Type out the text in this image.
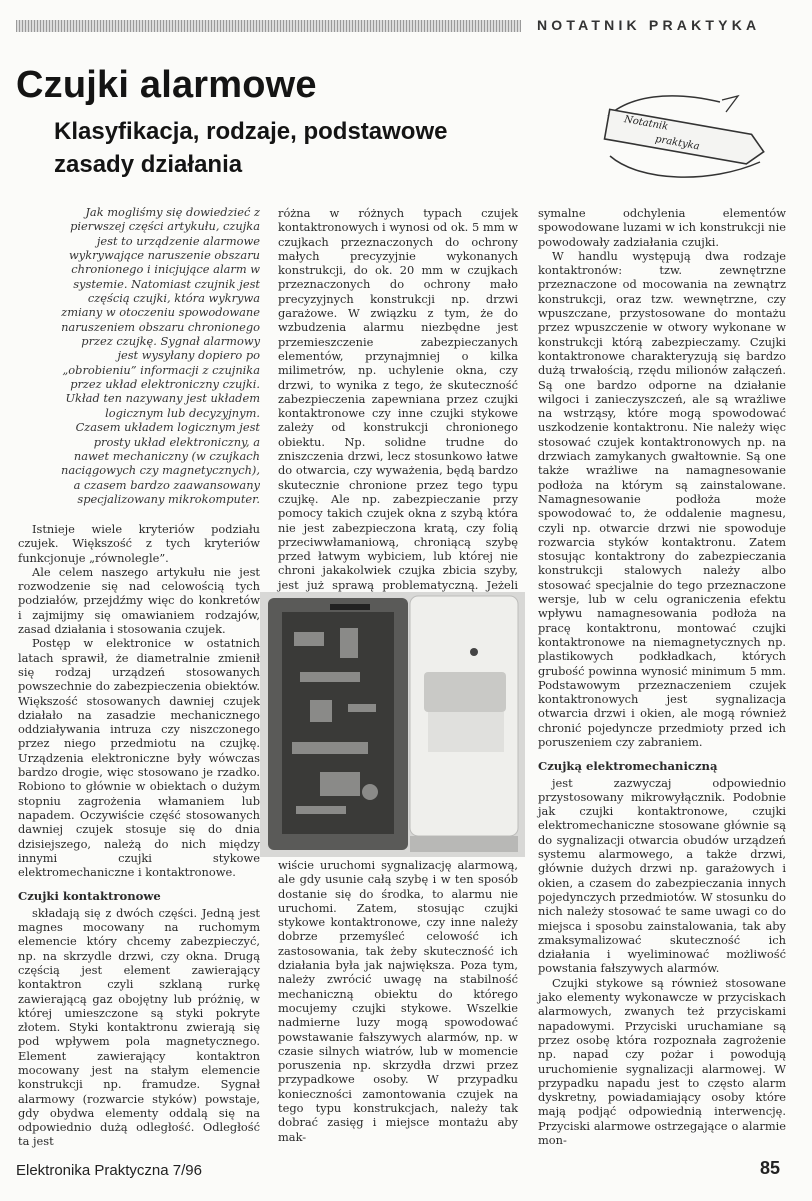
NOTATNIK PRAKTYKA
Czujki alarmowe
Klasyfikacja, rodzaje, podstawowe zasady działania
Notatnik
praktyka

Jak mogliśmy się dowiedzieć z pierwszej części artykułu, czujka jest to urządzenie alarmowe wykrywające naruszenie obszaru chronionego i inicjujące alarm w systemie. Natomiast czujnik jest częścią czujki, która wykrywa zmiany w otoczeniu spowodowane naruszeniem obszaru chronionego przez czujkę. Sygnał alarmowy jest wysyłany dopiero po „obrobieniu” informacji z czujnika przez układ elektroniczny czujki. Układ ten nazywany jest układem logicznym lub decyzyjnym. Czasem układem logicznym jest prosty układ elektroniczny, a nawet mechaniczny (w czujkach naciągowych czy magnetycznych), a czasem bardzo zaawansowany specjalizowany mikrokomputer.

Istnieje wiele kryteriów podziału czujek. Większość z tych kryteriów funkcjonuje „równolegle”.

Ale celem naszego artykułu nie jest rozwodzenie się nad celowością tych podziałów, przejdźmy więc do konkretów i zajmijmy się omawianiem rodzajów, zasad działania i stosowania czujek.

Postęp w elektronice w ostatnich latach sprawił, że diametralnie zmienił się rodzaj urządzeń stosowanych powszechnie do zabezpieczenia obiektów. Większość stosowanych dawniej czujek działało na zasadzie mechanicznego oddziaływania intruza czy niszczonego przez niego przedmiotu na czujkę. Urządzenia elektroniczne były wówczas bardzo drogie, więc stosowano je rzadko. Robiono to głównie w obiektach o dużym stopniu zagrożenia włamaniem lub napadem. Oczywiście część stosowanych dawniej czujek stosuje się do dnia dzisiejszego, należą do nich między innymi czujki stykowe elektromechaniczne i kontaktronowe.

Czujki kontaktronowe

składają się z dwóch części. Jedną jest magnes mocowany na ruchomym elemencie który chcemy zabezpieczyć, np. na skrzydle drzwi, czy okna. Drugą częścią jest element zawierający kontaktron czyli szklaną rurkę zawierającą gaz obojętny lub próżnię, w której umieszczone są styki pokryte złotem. Styki kontaktronu zwierają się pod wpływem pola magnetycznego. Element zawierający kontaktron mocowany jest na stałym elemencie konstrukcji np. framudze. Sygnał alarmowy (rozwarcie styków) powstaje, gdy obydwa elementy oddalą się na odpowiednio dużą odległość. Odległość ta jest

różna w różnych typach czujek kontaktronowych i wynosi od ok. 5 mm w czujkach przeznaczonych do ochrony małych precyzyjnie wykonanych konstrukcji, do ok. 20 mm w czujkach przeznaczonych do ochrony mało precyzyjnych konstrukcji np. drzwi garażowe. W związku z tym, że do wzbudzenia alarmu niezbędne jest przemieszczenie zabezpieczanych elementów, przynajmniej o kilka milimetrów, np. uchylenie okna, czy drzwi, to wynika z tego, że skuteczność zabezpieczenia zapewniana przez czujki kontaktronowe czy inne czujki stykowe zależy od konstrukcji chronionego obiektu. Np. solidne trudne do zniszczenia drzwi, lecz stosunkowo łatwe do otwarcia, czy wyważenia, będą bardzo skutecznie chronione przez tego typu czujkę. Ale np. zabezpieczanie przy pomocy takich czujek okna z szybą która nie jest zabezpieczona kratą, czy folią przeciwwłamaniową, chroniącą szybę przed łatwym wybiciem, lub której nie chroni jakakolwiek czujka zbicia szyby, jest już sprawą problematyczną. Jeżeli

wiście uruchomi sygnalizację alarmową, ale gdy usunie całą szybę i w ten sposób dostanie się do środka, to alarmu nie uruchomi. Zatem, stosując czujki stykowe kontaktronowe, czy inne należy dobrze przemyśleć celowość ich zastosowania, tak żeby skuteczność ich działania była jak największa. Poza tym, należy zwrócić uwagę na stabilność mechaniczną obiektu do którego mocujemy czujki stykowe. Wszelkie nadmierne luzy mogą spowodować powstawanie fałszywych alarmów, np. w czasie silnych wiatrów, lub w momencie poruszenia np. skrzydła drzwi przez przypadkowe osoby. W przypadku konieczności zamontowania czujek na tego typu konstrukcjach, należy tak dobrać zasięg i miejsce montażu aby mak-

symalne odchylenia elementów spowodowane luzami w ich konstrukcji nie powodowały zadziałania czujki.

W handlu występują dwa rodzaje kontaktronów: tzw. zewnętrzne przeznaczone od mocowania na zewnątrz konstrukcji, oraz tzw. wewnętrzne, czy wpuszczane, przystosowane do montażu przez wpuszczenie w otwory wykonane w konstrukcji którą zabezpieczamy. Czujki kontaktronowe charakteryzują się bardzo dużą trwałością, rzędu milionów załączeń. Są one bardzo odporne na działanie wilgoci i zanieczyszczeń, ale są wrażliwe na wstrząsy, które mogą spowodować uszkodzenie kontaktronu. Nie należy więc stosować czujek kontaktronowych np. na drzwiach zamykanych gwałtownie. Są one także wrażliwe na namagnesowanie podłoża na którym są zainstalowane. Namagnesowanie podłoża może spowodować to, że oddalenie magnesu, czyli np. otwarcie drzwi nie spowoduje rozwarcia styków kontaktronu. Zatem stosując kontaktrony do zabezpieczania konstrukcji stalowych należy albo stosować specjalnie do tego przeznaczone wersje, lub w celu ograniczenia efektu wpływu namagnesowania podłoża na pracę kontaktronu, montować czujki kontaktronowe na niemagnetycznych np. plastikowych podkładkach, których grubość powinna wynosić minimum 5 mm. Podstawowym przeznaczeniem czujek kontaktronowych jest sygnalizacja otwarcia drzwi i okien, ale mogą również chronić pojedyncze przedmioty przed ich poruszeniem czy zabraniem.

Czujką elektromechaniczną

jest zazwyczaj odpowiednio przystosowany mikrowyłącznik. Podobnie jak czujki kontaktronowe, czujki elektromechaniczne stosowane głównie są do sygnalizacji otwarcia obudów urządzeń systemu alarmowego, a także drzwi, głównie dużych drzwi np. garażowych i okien, a czasem do zabezpieczania innych pojedynczych przedmiotów. W stosunku do nich należy stosować te same uwagi co do miejsca i sposobu zainstalowania, tak aby zmaksymalizować skuteczność ich działania i wyeliminować możliwość powstania fałszywych alarmów.

Czujki stykowe są również stosowane jako elementy wykonawcze w przyciskach alarmowych, zwanych też przyciskami napadowymi. Przyciski uruchamiane są przez osobę która rozpoznała zagrożenie np. napad czy pożar i powodują uruchomienie sygnalizacji alarmowej. W przypadku napadu jest to często alarm dyskretny, powiadamiający osoby które mają podjąć odpowiednią interwencję. Przyciski alarmowe ostrzegające o alarmie mon-

Elektronika Praktyczna 7/96	85
